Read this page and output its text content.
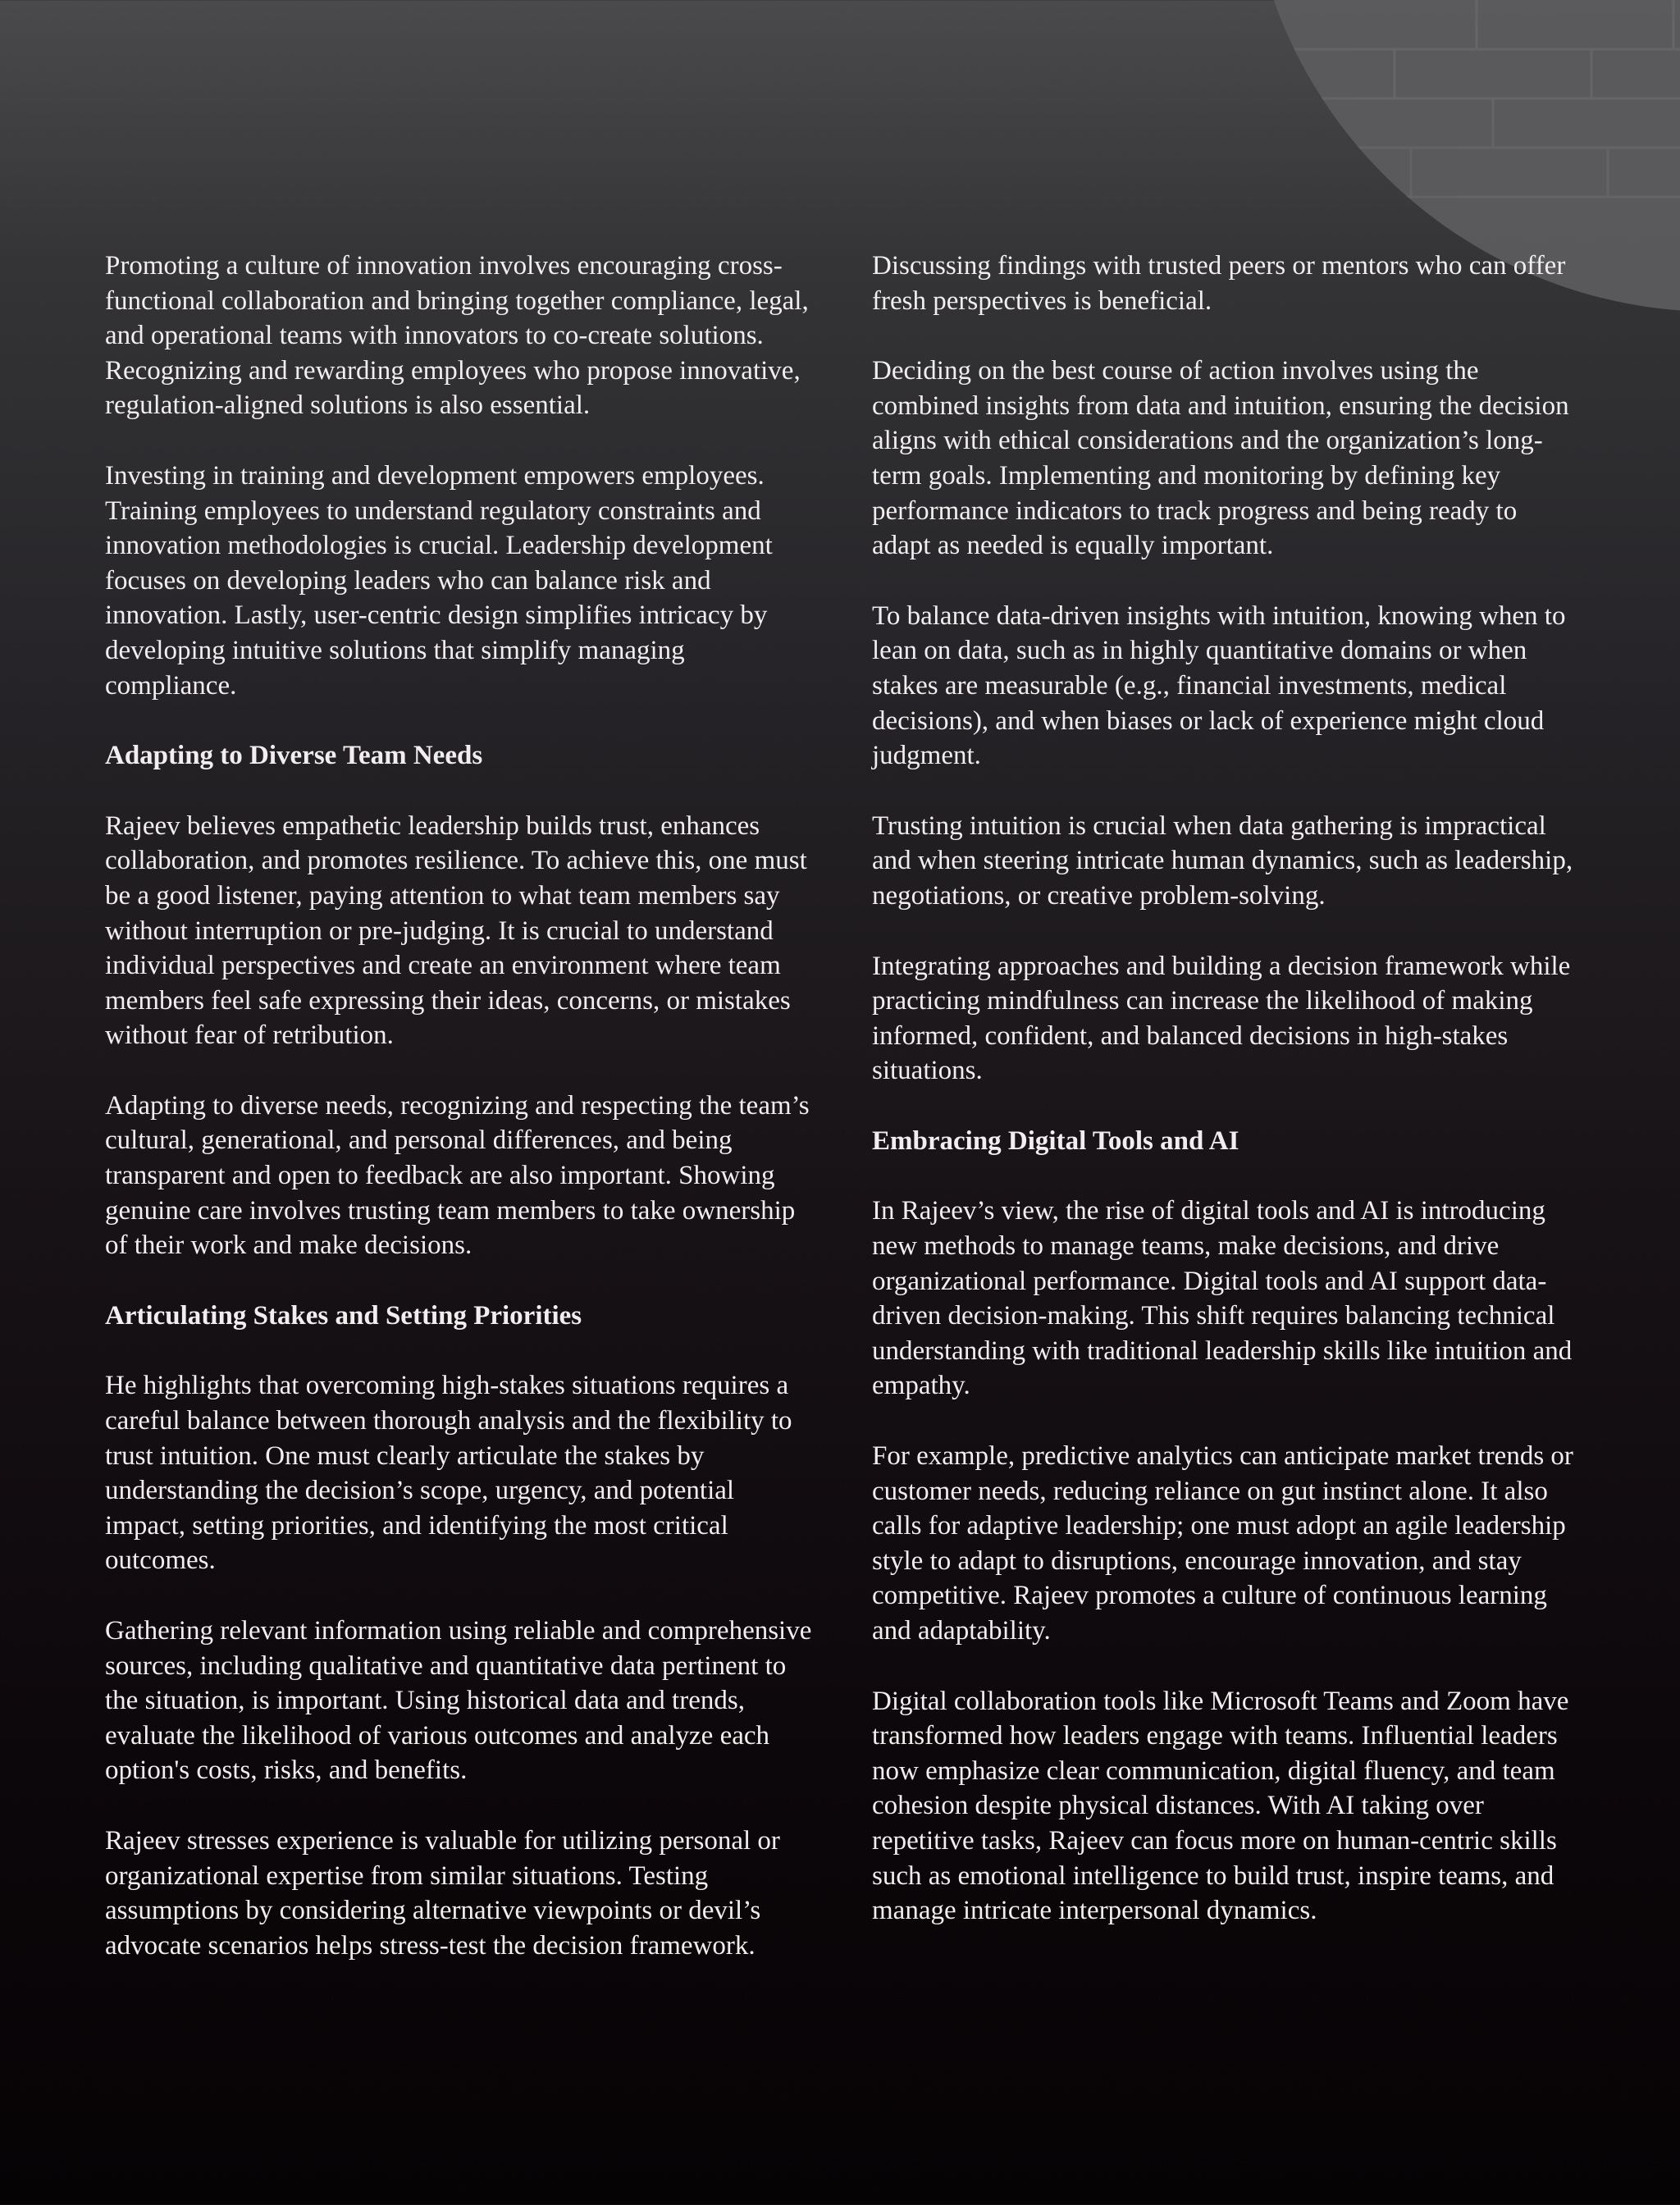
Promoting a culture of innovation involves encouraging cross-functional collaboration and bringing together compliance, legal, and operational teams with innovators to co-create solutions. Recognizing and rewarding employees who propose innovative, regulation-aligned solutions is also essential.

Investing in training and development empowers employees. Training employees to understand regulatory constraints and innovation methodologies is crucial. Leadership development focuses on developing leaders who can balance risk and innovation. Lastly, user-centric design simplifies intricacy by developing intuitive solutions that simplify managing compliance.

Adapting to Diverse Team Needs

Rajeev believes empathetic leadership builds trust, enhances collaboration, and promotes resilience. To achieve this, one must be a good listener, paying attention to what team members say without interruption or pre-judging. It is crucial to understand individual perspectives and create an environment where team members feel safe expressing their ideas, concerns, or mistakes without fear of retribution.

Adapting to diverse needs, recognizing and respecting the team’s cultural, generational, and personal differences, and being transparent and open to feedback are also important. Showing genuine care involves trusting team members to take ownership of their work and make decisions.

Articulating Stakes and Setting Priorities

He highlights that overcoming high-stakes situations requires a careful balance between thorough analysis and the flexibility to trust intuition. One must clearly articulate the stakes by understanding the decision’s scope, urgency, and potential impact, setting priorities, and identifying the most critical outcomes.

Gathering relevant information using reliable and comprehensive sources, including qualitative and quantitative data pertinent to the situation, is important. Using historical data and trends, evaluate the likelihood of various outcomes and analyze each option's costs, risks, and benefits.

Rajeev stresses experience is valuable for utilizing personal or organizational expertise from similar situations. Testing assumptions by considering alternative viewpoints or devil’s advocate scenarios helps stress-test the decision framework.

Discussing findings with trusted peers or mentors who can offer fresh perspectives is beneficial.

Deciding on the best course of action involves using the combined insights from data and intuition, ensuring the decision aligns with ethical considerations and the organization’s long-term goals. Implementing and monitoring by defining key performance indicators to track progress and being ready to adapt as needed is equally important.

To balance data-driven insights with intuition, knowing when to lean on data, such as in highly quantitative domains or when stakes are measurable (e.g., financial investments, medical decisions), and when biases or lack of experience might cloud judgment.

Trusting intuition is crucial when data gathering is impractical and when steering intricate human dynamics, such as leadership, negotiations, or creative problem-solving.

Integrating approaches and building a decision framework while practicing mindfulness can increase the likelihood of making informed, confident, and balanced decisions in high-stakes situations.

Embracing Digital Tools and AI

In Rajeev’s view, the rise of digital tools and AI is introducing new methods to manage teams, make decisions, and drive organizational performance. Digital tools and AI support data-driven decision-making. This shift requires balancing technical understanding with traditional leadership skills like intuition and empathy.

For example, predictive analytics can anticipate market trends or customer needs, reducing reliance on gut instinct alone. It also calls for adaptive leadership; one must adopt an agile leadership style to adapt to disruptions, encourage innovation, and stay competitive. Rajeev promotes a culture of continuous learning and adaptability.

Digital collaboration tools like Microsoft Teams and Zoom have transformed how leaders engage with teams. Influential leaders now emphasize clear communication, digital fluency, and team cohesion despite physical distances. With AI taking over repetitive tasks, Rajeev can focus more on human-centric skills such as emotional intelligence to build trust, inspire teams, and manage intricate interpersonal dynamics.
